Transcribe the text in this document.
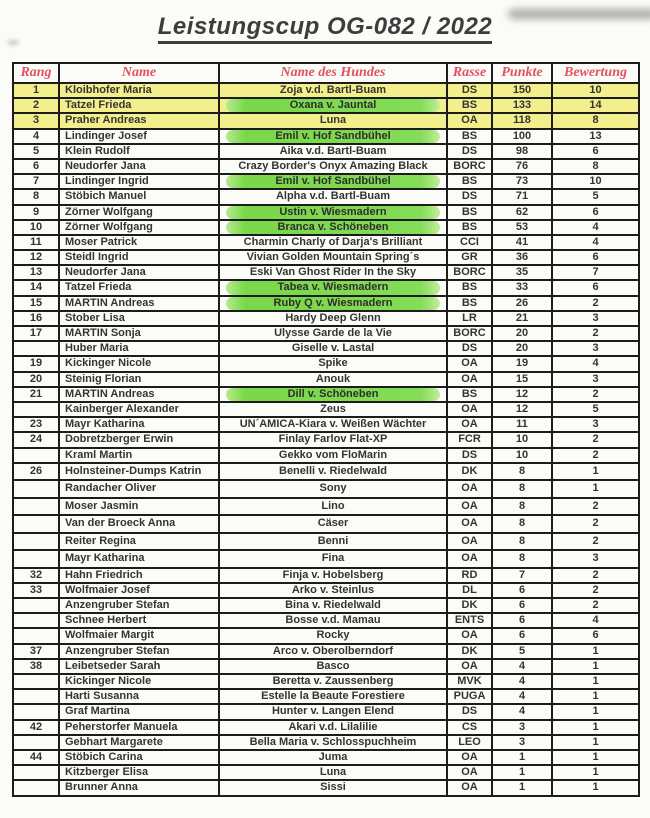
Leistungscup OG-082 / 2022
Rang	Name	Name des Hundes	Rasse	Punkte	Bewertung
1	Kloibhofer Maria	Zoja v.d. Bartl-Buam	DS	150	10
2	Tatzel Frieda	Oxana v. Jauntal	BS	133	14
3	Praher Andreas	Luna	OA	118	8
4	Lindinger Josef	Emil v. Hof Sandbühel	BS	100	13
5	Klein Rudolf	Aika v.d. Bartl-Buam	DS	98	6
6	Neudorfer Jana	Crazy Border's Onyx Amazing Black	BORC	76	8
7	Lindinger Ingrid	Emil v. Hof Sandbühel	BS	73	10
8	Stöbich Manuel	Alpha v.d. Bartl-Buam	DS	71	5
9	Zörner Wolfgang	Ustin v. Wiesmadern	BS	62	6
10	Zörner Wolfgang	Branca v. Schöneben	BS	53	4
11	Moser Patrick	Charmin Charly of Darja's Brilliant	CCI	41	4
12	Steidl Ingrid	Vivian Golden Mountain Spring´s	GR	36	6
13	Neudorfer Jana	Eski Van Ghost Rider In the Sky	BORC	35	7
14	Tatzel Frieda	Tabea v. Wiesmadern	BS	33	6
15	MARTIN Andreas	Ruby Q v. Wiesmadern	BS	26	2
16	Stober Lisa	Hardy Deep Glenn	LR	21	3
17	MARTIN Sonja	Ulysse Garde de la Vie	BORC	20	2
	Huber Maria	Giselle v. Lastal	DS	20	3
19	Kickinger Nicole	Spike	OA	19	4
20	Steinig Florian	Anouk	OA	15	3
21	MARTIN Andreas	Dill v. Schöneben	BS	12	2
	Kainberger Alexander	Zeus	OA	12	5
23	Mayr Katharina	UN´AMICA-Kiara v. Weißen Wächter	OA	11	3
24	Dobretzberger Erwin	Finlay Farlov Flat-XP	FCR	10	2
	Kraml Martin	Gekko vom FloMarin	DS	10	2
26	Holnsteiner-Dumps Katrin	Benelli v. Riedelwald	DK	8	1
	Randacher Oliver	Sony	OA	8	1
	Moser Jasmin	Lino	OA	8	2
	Van der Broeck Anna	Cäser	OA	8	2
	Reiter Regina	Benni	OA	8	2
	Mayr Katharina	Fina	OA	8	3
32	Hahn Friedrich	Finja v. Hobelsberg	RD	7	2
33	Wolfmaier Josef	Arko v. Steinlus	DL	6	2
	Anzengruber Stefan	Bina v. Riedelwald	DK	6	2
	Schnee Herbert	Bosse v.d. Mamau	ENTS	6	4
	Wolfmaier Margit	Rocky	OA	6	6
37	Anzengruber Stefan	Arco v. Oberolberndorf	DK	5	1
38	Leibetseder Sarah	Basco	OA	4	1
	Kickinger Nicole	Beretta v. Zaussenberg	MVK	4	1
	Harti Susanna	Estelle la Beaute Forestiere	PUGA	4	1
	Graf Martina	Hunter v. Langen Elend	DS	4	1
42	Peherstorfer Manuela	Akari v.d. Lilalilie	CS	3	1
	Gebhart Margarete	Bella Maria v. Schlosspuchheim	LEO	3	1
44	Stöbich Carina	Juma	OA	1	1
	Kitzberger Elisa	Luna	OA	1	1
	Brunner Anna	Sissi	OA	1	1
